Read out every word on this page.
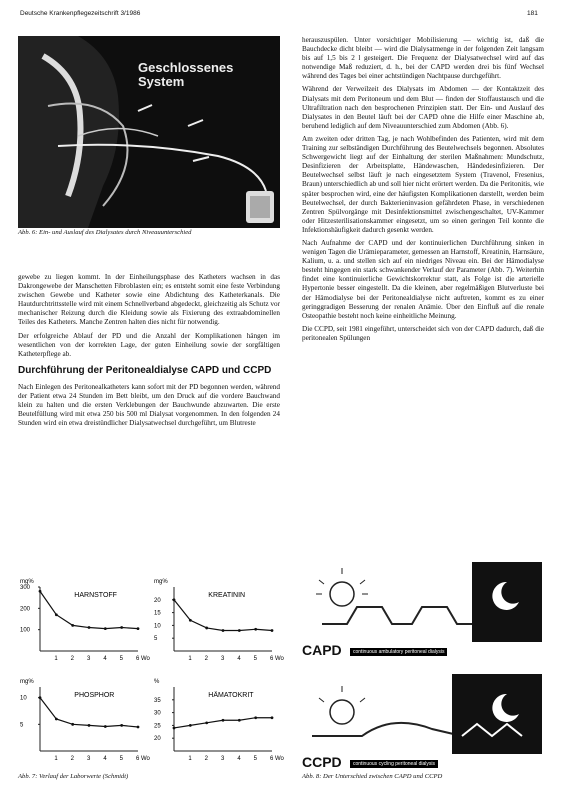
Deutsche Krankenpflegezeitschrift 3/1986	181
Geschlossenes System
Abb. 6: Ein- und Auslauf des Dialysates durch Niveauunterschied

gewebe zu liegen kommt. In der Einheilungsphase des Katheters wachsen in das Dakrongewebe der Manschetten Fibroblasten ein; es entsteht somit eine feste Verbindung zwischen Gewebe und Katheter sowie eine Abdichtung des Katheterkanals. Die Hautdurchtrittsstelle wird mit einem Schnellverband abgedeckt, gleichzeitig als Schutz vor mechanischer Reizung durch die Kleidung sowie als Fixierung des extraabdominellen Teiles des Katheters. Manche Zentren halten dies nicht für notwendig.

Der erfolgreiche Ablauf der PD und die Anzahl der Komplikationen hängen im wesentlichen von der korrekten Lage, der guten Einheilung sowie der sorgfältigen Katheterpflege ab.

Durchführung der Peritonealdialyse CAPD und CCPD

Nach Einlegen des Peritonealkatheters kann sofort mit der PD begonnen werden, während der Patient etwa 24 Stunden im Bett bleibt, um den Druck auf die vordere Bauchwand klein zu halten und die ersten Verklebungen der Bauchwunde abzuwarten. Die erste Beutelfüllung wird mit etwa 250 bis 500 ml Dialysat vorgenommen. In den folgenden 24 Stunden wird ein etwa dreistündlicher Dialysatwechsel durchgeführt, um Blutreste

herauszuspülen. Unter vorsichtiger Mobilisierung — wichtig ist, daß die Bauchdecke dicht bleibt — wird die Dialysatmenge in der folgenden Zeit langsam bis auf 1,5 bis 2 l gesteigert. Die Frequenz der Dialysatwechsel wird auf das notwendige Maß reduziert, d. h., bei der CAPD werden drei bis fünf Wechsel während des Tages bei einer achtstündigen Nachtpause durchgeführt.

Während der Verweilzeit des Dialysats im Abdomen — der Kontaktzeit des Dialysats mit dem Peritoneum und dem Blut — finden der Stoffaustausch und die Ultrafiltration nach den besprochenen Prinzipien statt. Der Ein- und Auslauf des Dialysates in den Beutel läuft bei der CAPD ohne die Hilfe einer Maschine ab, beruhend lediglich auf dem Niveauunterschied zum Abdomen (Abb. 6).

Am zweiten oder dritten Tag, je nach Wohlbefinden des Patienten, wird mit dem Training zur selbständigen Durchführung des Beutelwechsels begonnen. Absolutes Schwergewicht liegt auf der Einhaltung der sterilen Maßnahmen: Mundschutz, Desinfizieren der Arbeitsplatte, Händewaschen, Händedesinfizieren. Der Beutelwechsel selbst läuft je nach eingesetztem System (Travenol, Fresenius, Braun) unterschiedlich ab und soll hier nicht erörtert werden. Da die Peritonitis, wie später besprochen wird, eine der häufigsten Komplikationen darstellt, werden beim Beutelwechsel, der durch Bakterieninvasion gefährdeten Phase, in verschiedenen Zentren Spülvorgänge mit Desinfektionsmittel zwischengeschaltet, UV-Kammer oder Hitzesterilisationskammer eingesetzt, um so einen geringen Teil konnte die Infektionshäufigkeit dadurch gesenkt werden.

Nach Aufnahme der CAPD und der kontinuierlichen Durchführung sinken in wenigen Tagen die Urämieparameter, gemessen an Harnstoff, Kreatinin, Harnsäure, Kalium, u. a. und stellen sich auf ein niedriges Niveau ein. Bei der Hämodialyse besteht hingegen ein stark schwankender Verlauf der Parameter (Abb. 7). Weiterhin findet eine kontinuierliche Gewichtskorrektur statt, als Folge ist die arterielle Hypertonie besser eingestellt. Da die kleinen, aber regelmäßigen Blutverluste bei der Hämodialyse bei der Peritonealdialyse nicht auftreten, kommt es zu einer geringgradigen Besserung der renalen Anämie. Über den Einfluß auf die renale Osteopathie besteht noch keine einheitliche Meinung.

Die CCPD, seit 1981 eingeführt, unterscheidet sich von der CAPD dadurch, daß die peritonealen Spülungen

HARNSTOFF
mg%
300
200
100
1 2 3 4 5 6 Wo
KREATININ
mg%
20
15
10
5
1 2 3 4 5 6 Wo
PHOSPHOR
mg%
10
5
1 2 3 4 5 6 Wo
HÄMATOKRIT
%
35
30
25
20
1 2 3 4 5 6 Wo
Abb. 7: Verlauf der Laborwerte (Schmidt)
CAPD	continuous ambulatory peritoneal dialysis
CCPD	continuous cycling peritoneal dialysis
Abb. 8: Der Unterschied zwischen CAPD und CCPD
